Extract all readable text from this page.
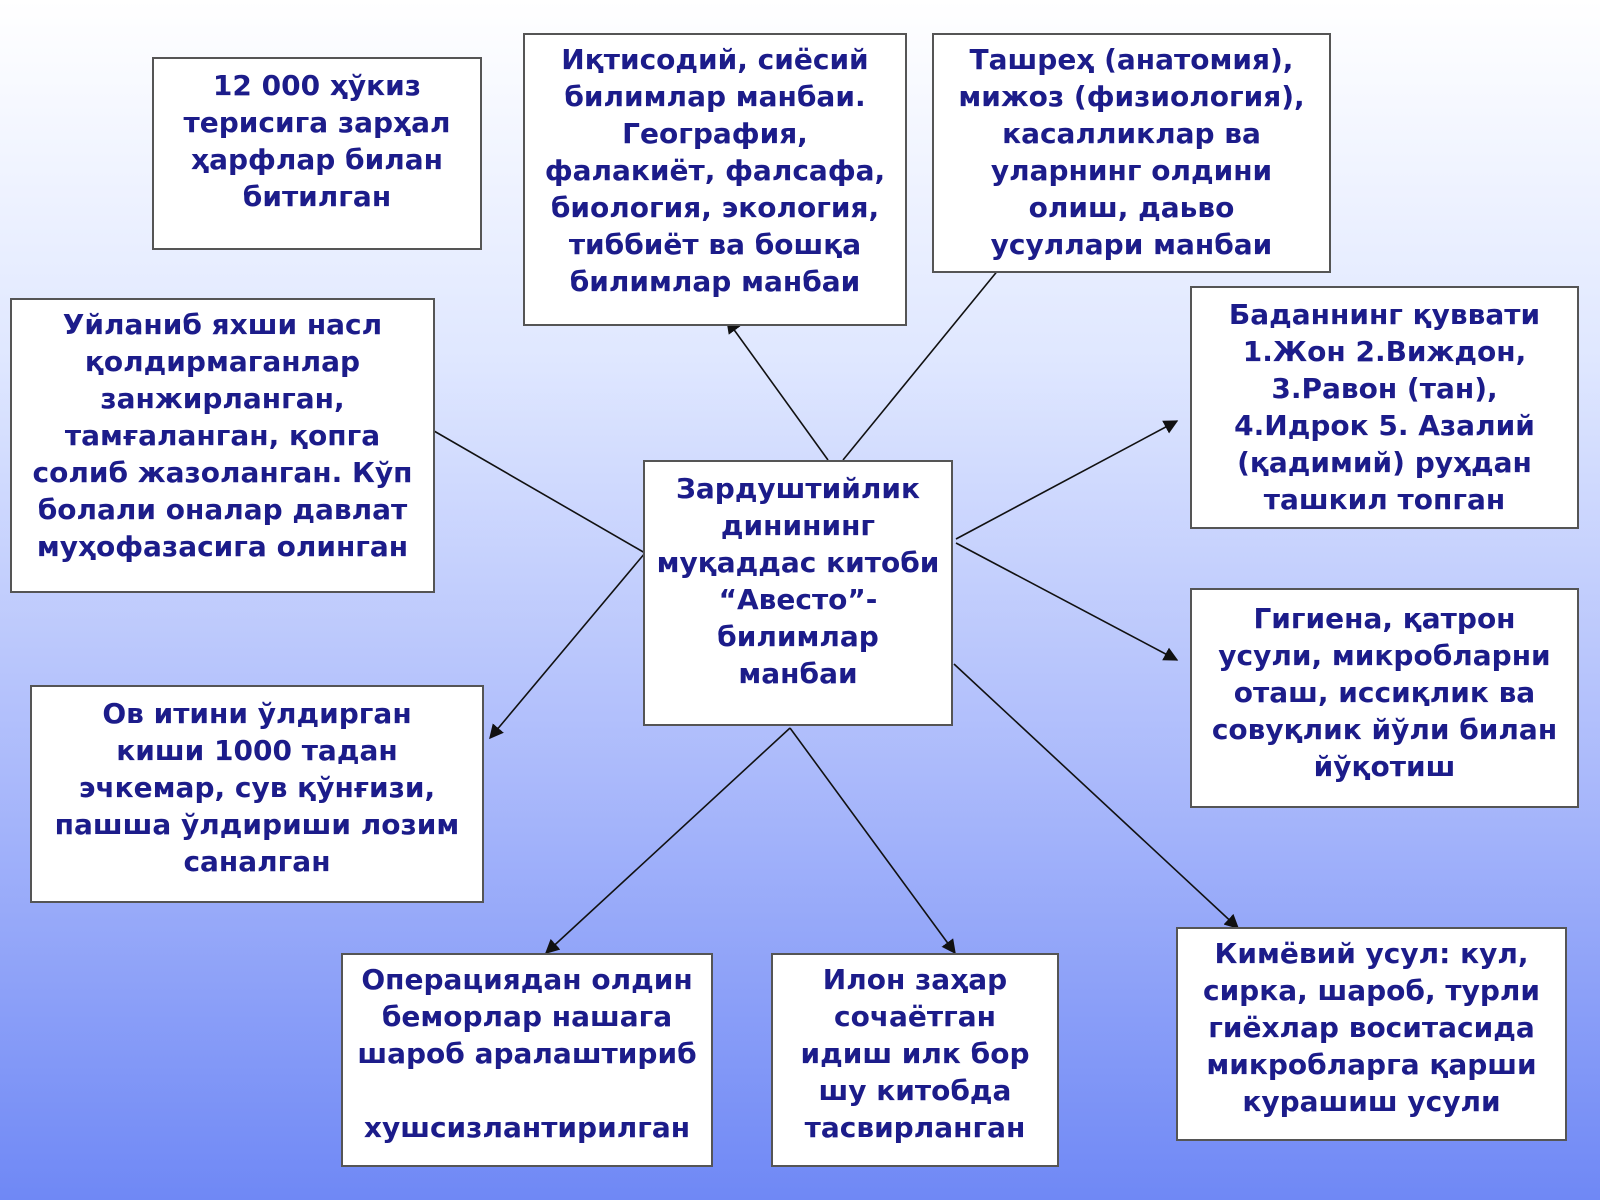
12 000 ҳўкиз
терисига зарҳал
ҳарфлар билан
битилган
Иқтисодий, сиёсий
билимлар манбаи.
География,
фалакиёт, фалсафа,
биология, экология,
тиббиёт ва бошқа
билимлар манбаи
Ташреҳ (анатомия),
мижоз (физиология),
касалликлар ва
уларнинг олдини
олиш, даьво
усуллари манбаи
Уйланиб яхши насл
қолдирмаганлар
занжирланган,
тамғаланган, қопга
солиб жазоланган. Кўп
болали оналар давлат
муҳофазасига олинган
Баданнинг қуввати
1.Жон 2.Виждон,
3.Равон (тан),
4.Идрок 5. Азалий
(қадимий) руҳдан
ташкил топган
Зардуштийлик динининг муқаддас китоби “Авесто”- билимлар манбаи
Ов итини ўлдирган
киши 1000 тадан
эчкемар, сув қўнғизи,
пашша ўлдириши лозим
саналган
Гигиена, қатрон
усули, микробларни
оташ, иссиқлик ва
совуқлик йўли билан
йўқотиш
Операциядан олдин
беморлар нашага
шароб аралаштириб

хушсизлантирилган
Илон заҳар
сочаётган
идиш илк бор
шу китобда
тасвирланган
Кимёвий усул: кул,
сирка, шароб, турли
гиёхлар воситасида
микробларга қарши
курашиш усули
